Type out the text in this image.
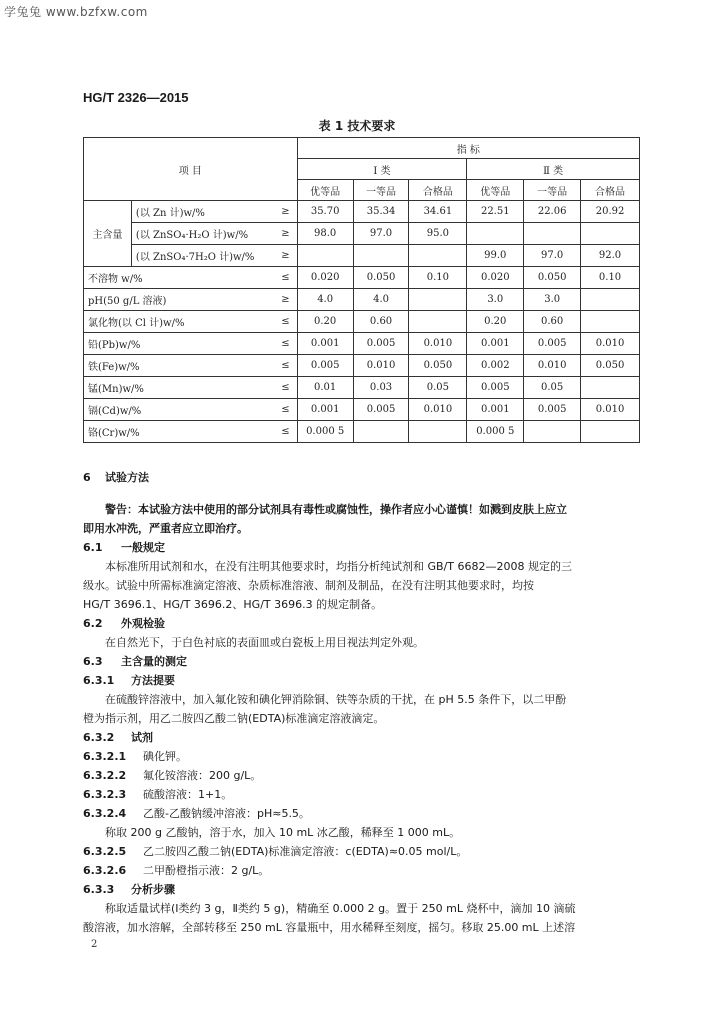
学兔兔 www.bzfxw.com
HG/T 2326—2015
表 1 技术要求
项 目			指 标					
			Ⅰ 类			Ⅱ 类		
			优等品	一等品	合格品	优等品	一等品	合格品
主含量	(以 Zn 计)w/%	≥	35.70	35.34	34.61	22.51	22.06	20.92
	(以 ZnSO₄·H₂O 计)w/%	≥	98.0	97.0	95.0			
	(以 ZnSO₄·7H₂O 计)w/%	≥				99.0	97.0	92.0
不溶物 w/%		≤	0.020	0.050	0.10	0.020	0.050	0.10
pH(50 g/L 溶液)		≥	4.0	4.0		3.0	3.0	
氯化物(以 Cl 计)w/%		≤	0.20	0.60		0.20	0.60	
铅(Pb)w/%		≤	0.001	0.005	0.010	0.001	0.005	0.010
铁(Fe)w/%		≤	0.005	0.010	0.050	0.002	0.010	0.050
锰(Mn)w/%		≤	0.01	0.03	0.05	0.005	0.05	
镉(Cd)w/%		≤	0.001	0.005	0.010	0.001	0.005	0.010
铬(Cr)w/%		≤	0.000 5			0.000 5		
6 试验方法
警告：本试验方法中使用的部分试剂具有毒性或腐蚀性，操作者应小心谨慎！如溅到皮肤上应立
即用水冲洗，严重者应立即治疗。
6.1 一般规定
本标准所用试剂和水，在没有注明其他要求时，均指分析纯试剂和 GB/T 6682—2008 规定的三
级水。试验中所需标准滴定溶液、杂质标准溶液、制剂及制品，在没有注明其他要求时，均按
HG/T 3696.1、HG/T 3696.2、HG/T 3696.3 的规定制备。
6.2 外观检验
在自然光下，于白色衬底的表面皿或白瓷板上用目视法判定外观。
6.3 主含量的测定
6.3.1 方法提要
在硫酸锌溶液中，加入氟化铵和碘化钾消除铜、铁等杂质的干扰，在 pH 5.5 条件下，以二甲酚
橙为指示剂，用乙二胺四乙酸二钠(EDTA)标准滴定溶液滴定。
6.3.2 试剂
6.3.2.1 碘化钾。
6.3.2.2 氟化铵溶液：200 g/L。
6.3.2.3 硫酸溶液：1+1。
6.3.2.4 乙酸-乙酸钠缓冲溶液：pH≈5.5。
称取 200 g 乙酸钠，溶于水，加入 10 mL 冰乙酸，稀释至 1 000 mL。
6.3.2.5 乙二胺四乙酸二钠(EDTA)标准滴定溶液：c(EDTA)≈0.05 mol/L。
6.3.2.6 二甲酚橙指示液：2 g/L。
6.3.3 分析步骤
称取适量试样(Ⅰ类约 3 g，Ⅱ类约 5 g)，精确至 0.000 2 g。置于 250 mL 烧杯中，滴加 10 滴硫
酸溶液，加水溶解，全部转移至 250 mL 容量瓶中，用水稀释至刻度，摇匀。移取 25.00 mL 上述溶
2
